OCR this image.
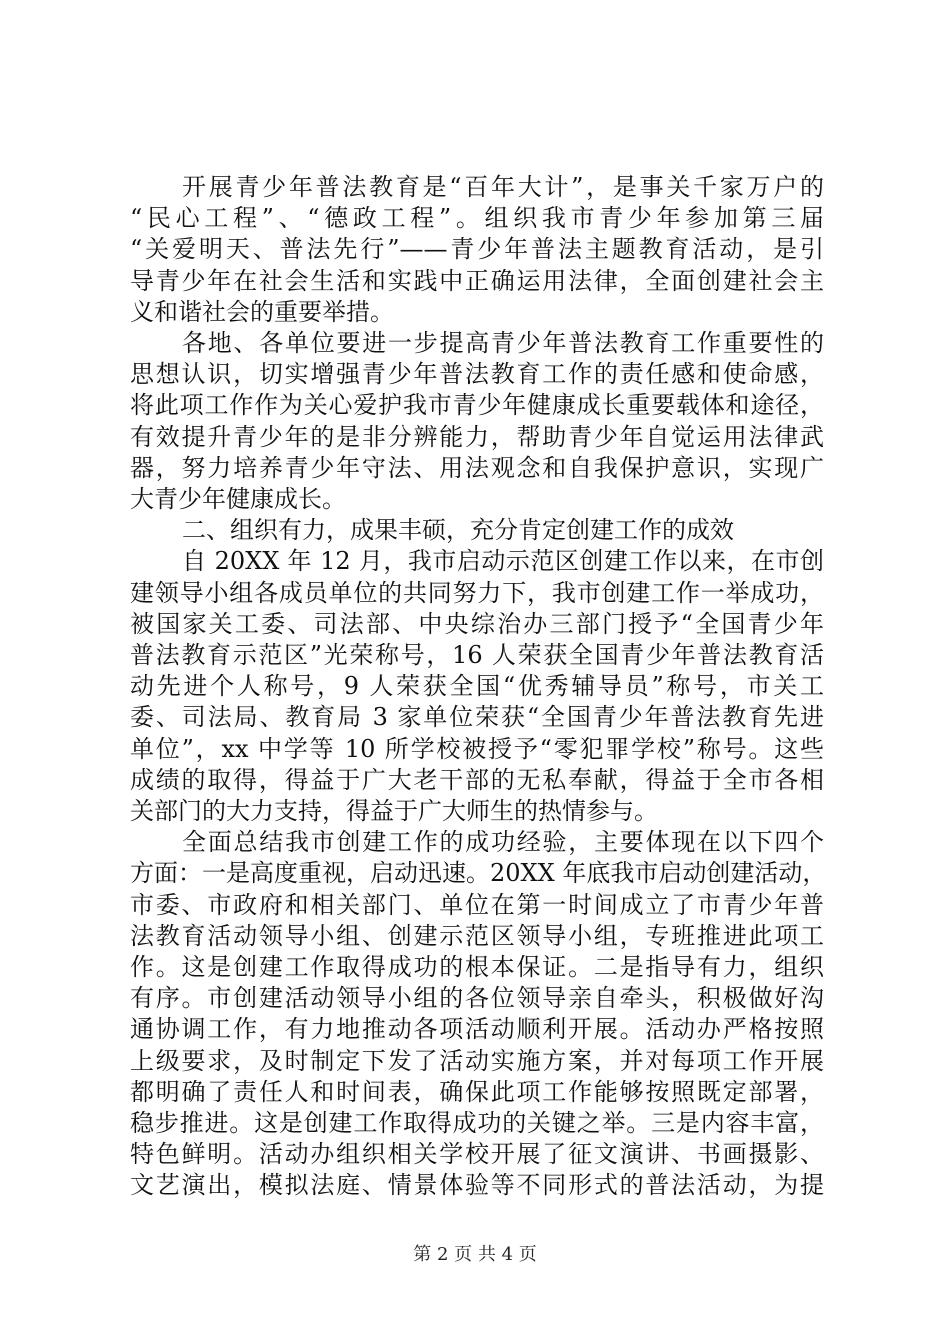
开展青少年普法教育是“百年大计”，是事关千家万户的
“民心工程”、“德政工程”。组织我市青少年参加第三届
“关爱明天、普法先行”——青少年普法主题教育活动，是引
导青少年在社会生活和实践中正确运用法律，全面创建社会主
义和谐社会的重要举措。
各地、各单位要进一步提高青少年普法教育工作重要性的
思想认识，切实增强青少年普法教育工作的责任感和使命感，
将此项工作作为关心爱护我市青少年健康成长重要载体和途径，
有效提升青少年的是非分辨能力，帮助青少年自觉运用法律武
器，努力培养青少年守法、用法观念和自我保护意识，实现广
大青少年健康成长。
二、组织有力，成果丰硕，充分肯定创建工作的成效
自 20XX 年 12 月，我市启动示范区创建工作以来，在市创
建领导小组各成员单位的共同努力下，我市创建工作一举成功，
被国家关工委、司法部、中央综治办三部门授予“全国青少年
普法教育示范区”光荣称号，16 人荣获全国青少年普法教育活
动先进个人称号，9 人荣获全国“优秀辅导员”称号，市关工
委、司法局、教育局 3 家单位荣获“全国青少年普法教育先进
单位”，xx 中学等 10 所学校被授予“零犯罪学校”称号。这些
成绩的取得，得益于广大老干部的无私奉献，得益于全市各相
关部门的大力支持，得益于广大师生的热情参与。
全面总结我市创建工作的成功经验，主要体现在以下四个
方面：一是高度重视，启动迅速。20XX 年底我市启动创建活动，
市委、市政府和相关部门、单位在第一时间成立了市青少年普
法教育活动领导小组、创建示范区领导小组，专班推进此项工
作。这是创建工作取得成功的根本保证。二是指导有力，组织
有序。市创建活动领导小组的各位领导亲自牵头，积极做好沟
通协调工作，有力地推动各项活动顺利开展。活动办严格按照
上级要求，及时制定下发了活动实施方案，并对每项工作开展
都明确了责任人和时间表，确保此项工作能够按照既定部署，
稳步推进。这是创建工作取得成功的关键之举。三是内容丰富，
特色鲜明。活动办组织相关学校开展了征文演讲、书画摄影、
文艺演出，模拟法庭、情景体验等不同形式的普法活动，为提
第 2 页 共 4 页
